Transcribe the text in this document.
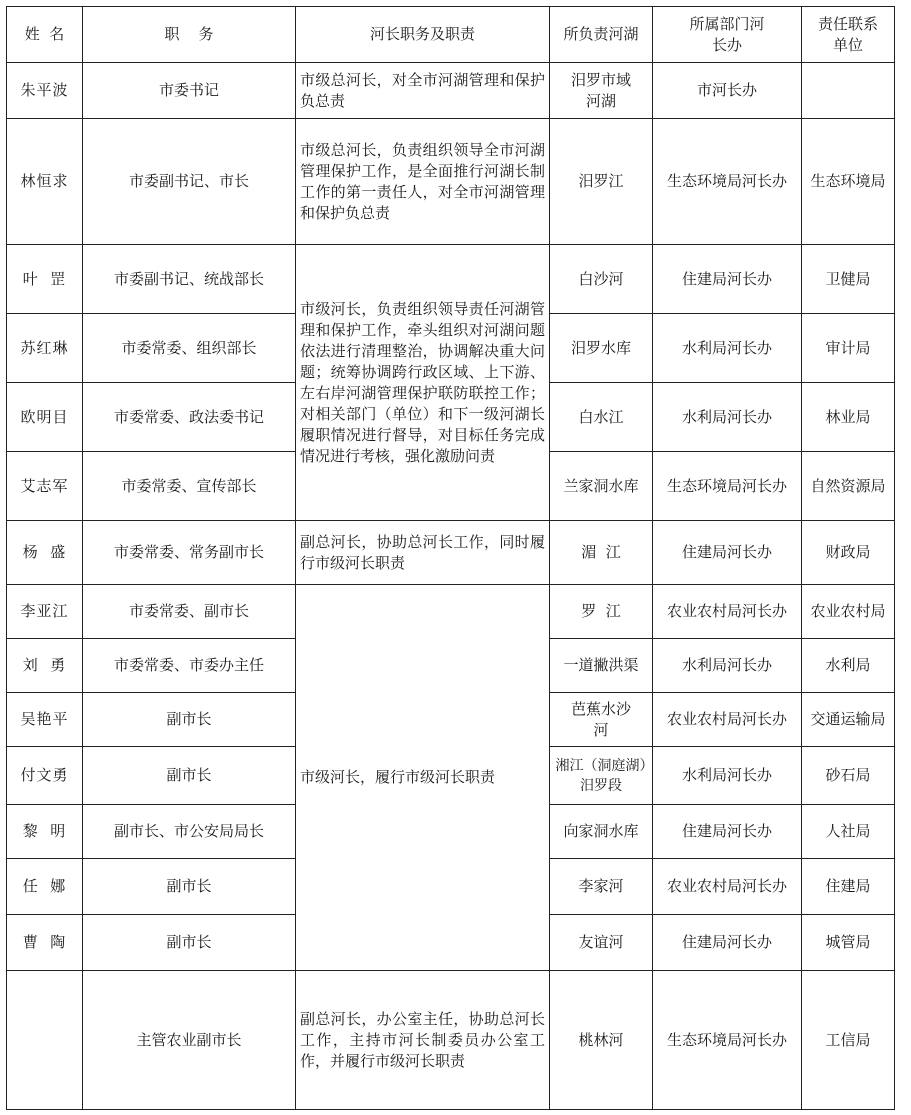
姓  名	职    务	河长职务及职责	所负责河湖	所属部门河长办	责任联系单位
朱平波	市委书记	市级总河长，对全市河湖管理和保护负总责	汨罗市域河湖	市河长办	
林恒求	市委副书记、市长	市级总河长，负责组织领导全市河湖管理保护工作，是全面推行河湖长制工作的第一责任人，对全市河湖管理和保护负总责	汨罗江	生态环境局河长办	生态环境局
叶  罡	市委副书记、统战部长	市级河长，负责组织领导责任河湖管理和保护工作，牵头组织对河湖问题依法进行清理整治，协调解决重大问题；统筹协调跨行政区域、上下游、左右岸河湖管理保护联防联控工作；对相关部门（单位）和下一级河湖长履职情况进行督导，对目标任务完成情况进行考核，强化激励问责	白沙河	住建局河长办	卫健局
苏红琳	市委常委、组织部长		汨罗水库	水利局河长办	审计局
欧明目	市委常委、政法委书记		白水江	水利局河长办	林业局
艾志军	市委常委、宣传部长		兰家洞水库	生态环境局河长办	自然资源局
杨  盛	市委常委、常务副市长	副总河长，协助总河长工作，同时履行市级河长职责	湄  江	住建局河长办	财政局
李亚江	市委常委、副市长	市级河长，履行市级河长职责	罗  江	农业农村局河长办	农业农村局
刘  勇	市委常委、市委办主任		一道撇洪渠	水利局河长办	水利局
吴艳平	副市长		芭蕉水沙河	农业农村局河长办	交通运输局
付文勇	副市长		湘江（洞庭湖）汨罗段	水利局河长办	砂石局
黎  明	副市长、市公安局局长		向家洞水库	住建局河长办	人社局
任  娜	副市长		李家河	农业农村局河长办	住建局
曹  陶	副市长		友谊河	住建局河长办	城管局
	主管农业副市长	副总河长，办公室主任，协助总河长工作，主持市河长制委员办公室工作，并履行市级河长职责	桃林河	生态环境局河长办	工信局
